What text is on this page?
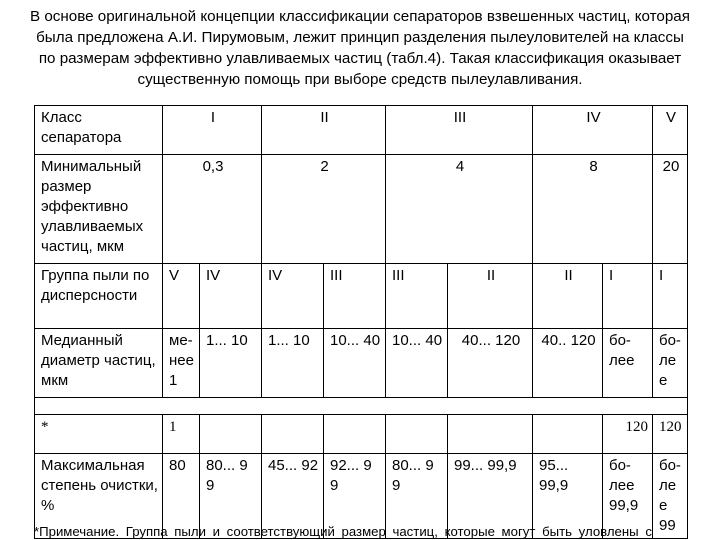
В основе оригинальной концепции классификации сепараторов взвешенных частиц, которая была предложена А.И. Пирумовым, лежит принцип разделения пылеуловителей на классы по размерам эффективно улавливаемых частиц (табл.4). Такая классификация оказывает существенную помощь при выборе средств пылеулавливания.
Класс сепаратора	I		II		III		IV		V
Минимальный размер эффективно улавливаемых частиц, мкм	0,3		2		4		8		20
Группа пыли по дисперсности	V	IV	IV	III	III	II	II	I	I
Медианный диаметр частиц, мкм	ме-нее 1	1... 10	1... 10	10... 40	10... 40	40... 120	40.. 120	бо-лее	бо-ле е

*	1							120	120
Максимальная степень очистки, %	80	80... 9 9	45... 92	92... 9 9	80... 9 9	99... 99,9	95... 99,9	бо-лее 99,9	бо-ле е 99
*Примечание. Группа пыли и соответствующий размер частиц, которые могут быть уловлены с
